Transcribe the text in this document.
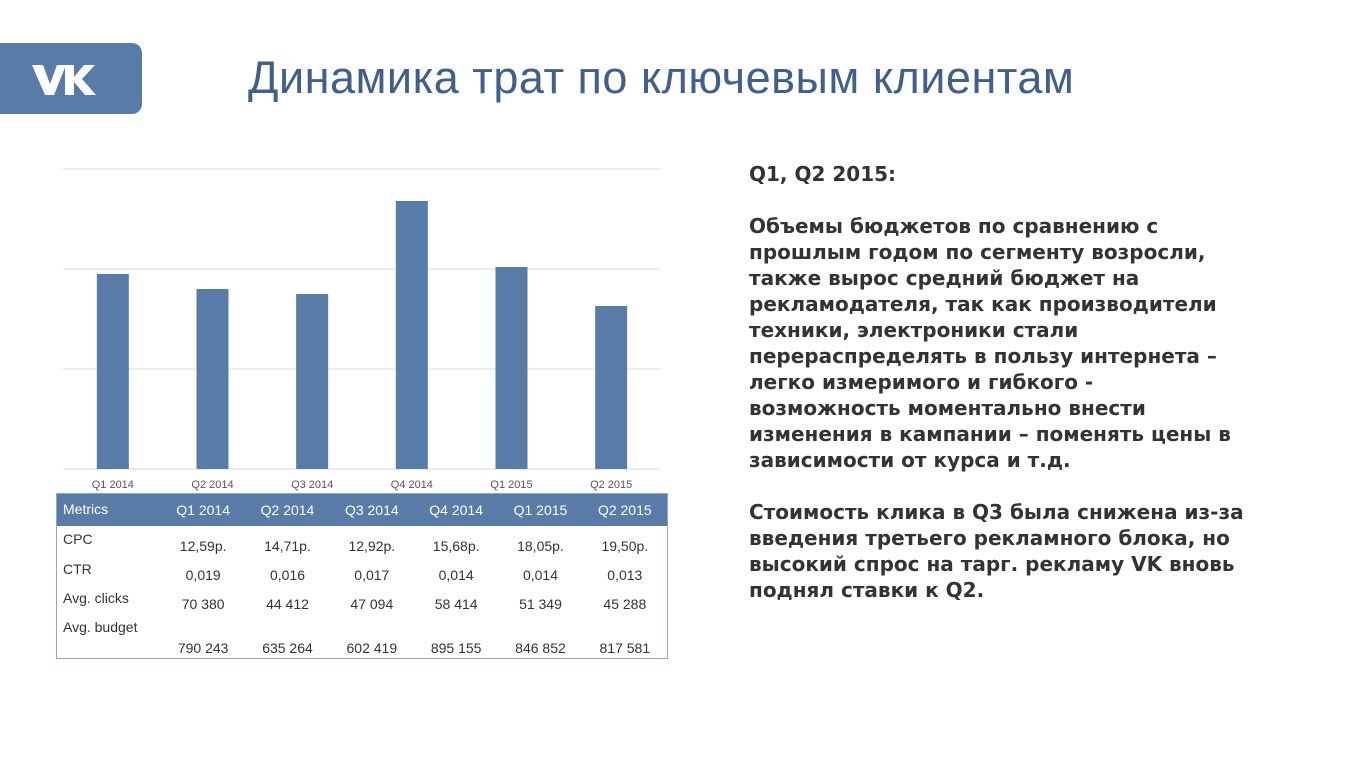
Динамика трат по ключевым клиентам
Q1 2014	Q2 2014	Q3 2014	Q4 2014	Q1 2015	Q2 2015
Metrics	Q1 2014	Q2 2014	Q3 2014	Q4 2014	Q1 2015	Q2 2015
CPC	12,59р.	14,71р.	12,92р.	15,68р.	18,05р.	19,50р.
CTR	0,019	0,016	0,017	0,014	0,014	0,013
Avg. clicks	70 380	44 412	47 094	58 414	51 349	45 288
Avg. budget	790 243	635 264	602 419	895 155	846 852	817 581

Q1, Q2 2015:

Объемы бюджетов по сравнению с прошлым годом по сегменту возросли, также вырос средний бюджет на рекламодателя, так как производители техники, электроники стали перераспределять в пользу интернета – легко измеримого и гибкого - возможность моментально внести изменения в кампании – поменять цены в зависимости от курса и т.д.

Стоимость клика в Q3 была снижена из-за введения третьего рекламного блока, но высокий спрос на тарг. рекламу VK вновь поднял ставки к Q2.
